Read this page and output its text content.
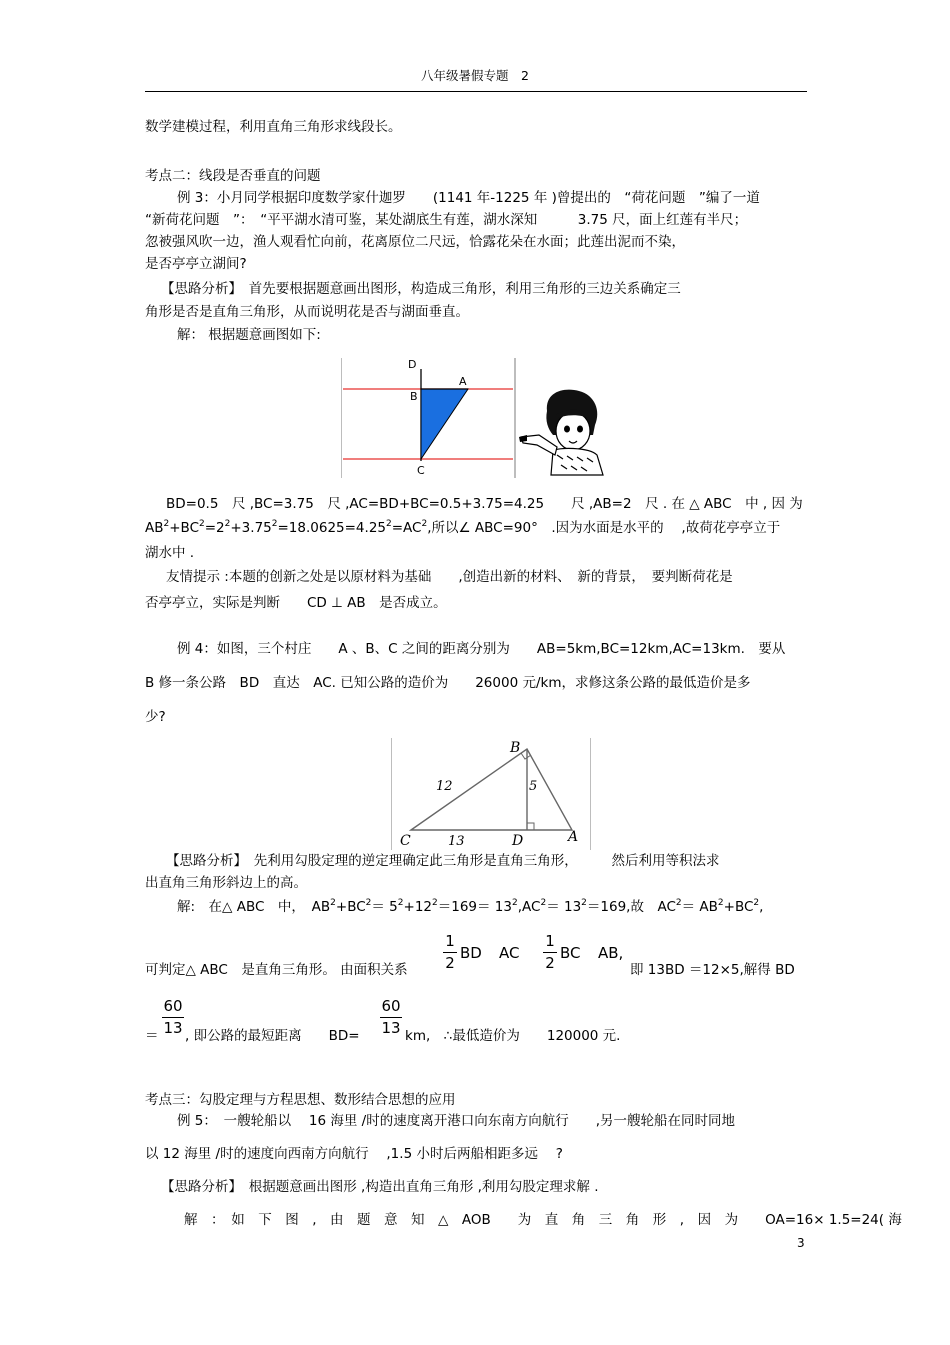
八年级暑假专题　2
数学建模过程，利用直角三角形求线段长。
考点二：线段是否垂直的问题
例 3：小月同学根据印度数学家什迦罗　　(1141 年-1225 年 )曾提出的　“荷花问题　”编了一道
“新荷花问题　”：　“平平湖水清可鉴，某处湖底生有莲，湖水深知　　　3.75 尺，面上红莲有半尺；
忽被强风吹一边，渔人观看忙向前，花离原位二尺远，恰露花朵在水面；此莲出泥而不染，
是否亭亭立湖间?
【思路分析】　首先要根据题意画出图形，构造成三角形，利用三角形的三边关系确定三
角形是否是直角三角形，从而说明花是否与湖面垂直。
解： 根据题意画图如下:
D
A
B
C
BD=0.5　尺 ,BC=3.75　尺 ,AC=BD+BC=0.5+3.75=4.25　　尺 ,AB=2　尺 . 在 △ ABC　中 , 因 为
$AB^2+BC^2=2^2+3.75^2=18.0625=4.25^2=AC^2$,所以∠ ABC=90°　.因为水面是水平的　 ,故荷花亭亭立于
湖水中 .
友情提示 :本题的创新之处是以原材料为基础　　,创造出新的材料、　新的背景，　要判断荷花是
否亭亭立，实际是判断　　CD ⊥ AB　是否成立。
例 4：如图，三个村庄　　A 、B、C 之间的距离分别为　　AB=5km,BC=12km,AC=13km.　要从
B 修一条公路　BD　直达　AC. 已知公路的造价为　　26000 元/km，求修这条公路的最低造价是多
少?
B
C	D	A
12	5
13
【思路分析】　先利用勾股定理的逆定理确定此三角形是直角三角形，　　　然后利用等积法求
出直角三角形斜边上的高。
解:　在△ ABC　中，　$AB^2+BC^2= 5^2+12^2=169= 13^2,AC^2= 13^2=169$,故　$AC^2= AB^2+BC^2$,
可判定△ ABC　是直角三角形。 由面积关系
1
2
BD AC
1
2
BC AB,
即 13BD ＝12×5,解得 BD
＝
60
13 , 即公路的最短距离　　BD=
60
13 km,　∴最低造价为　　120000 元.
考点三：勾股定理与方程思想、数形结合思想的应用
例 5：　一艘轮船以　 16 海里 /时的速度离开港口向东南方向航行　　,另一艘轮船在同时同地
以 12 海里 /时的速度向西南方向航行　 ,1.5 小时后两船相距多远　 ?
【思路分析】　根据题意画出图形 ,构造出直角三角形 ,利用勾股定理求解 .
解　：　如　下　图　,　由　题　意　知　△　AOB　　为　直　角　三　角　形　,　因　为　　OA=16× 1.5=24( 海
3
